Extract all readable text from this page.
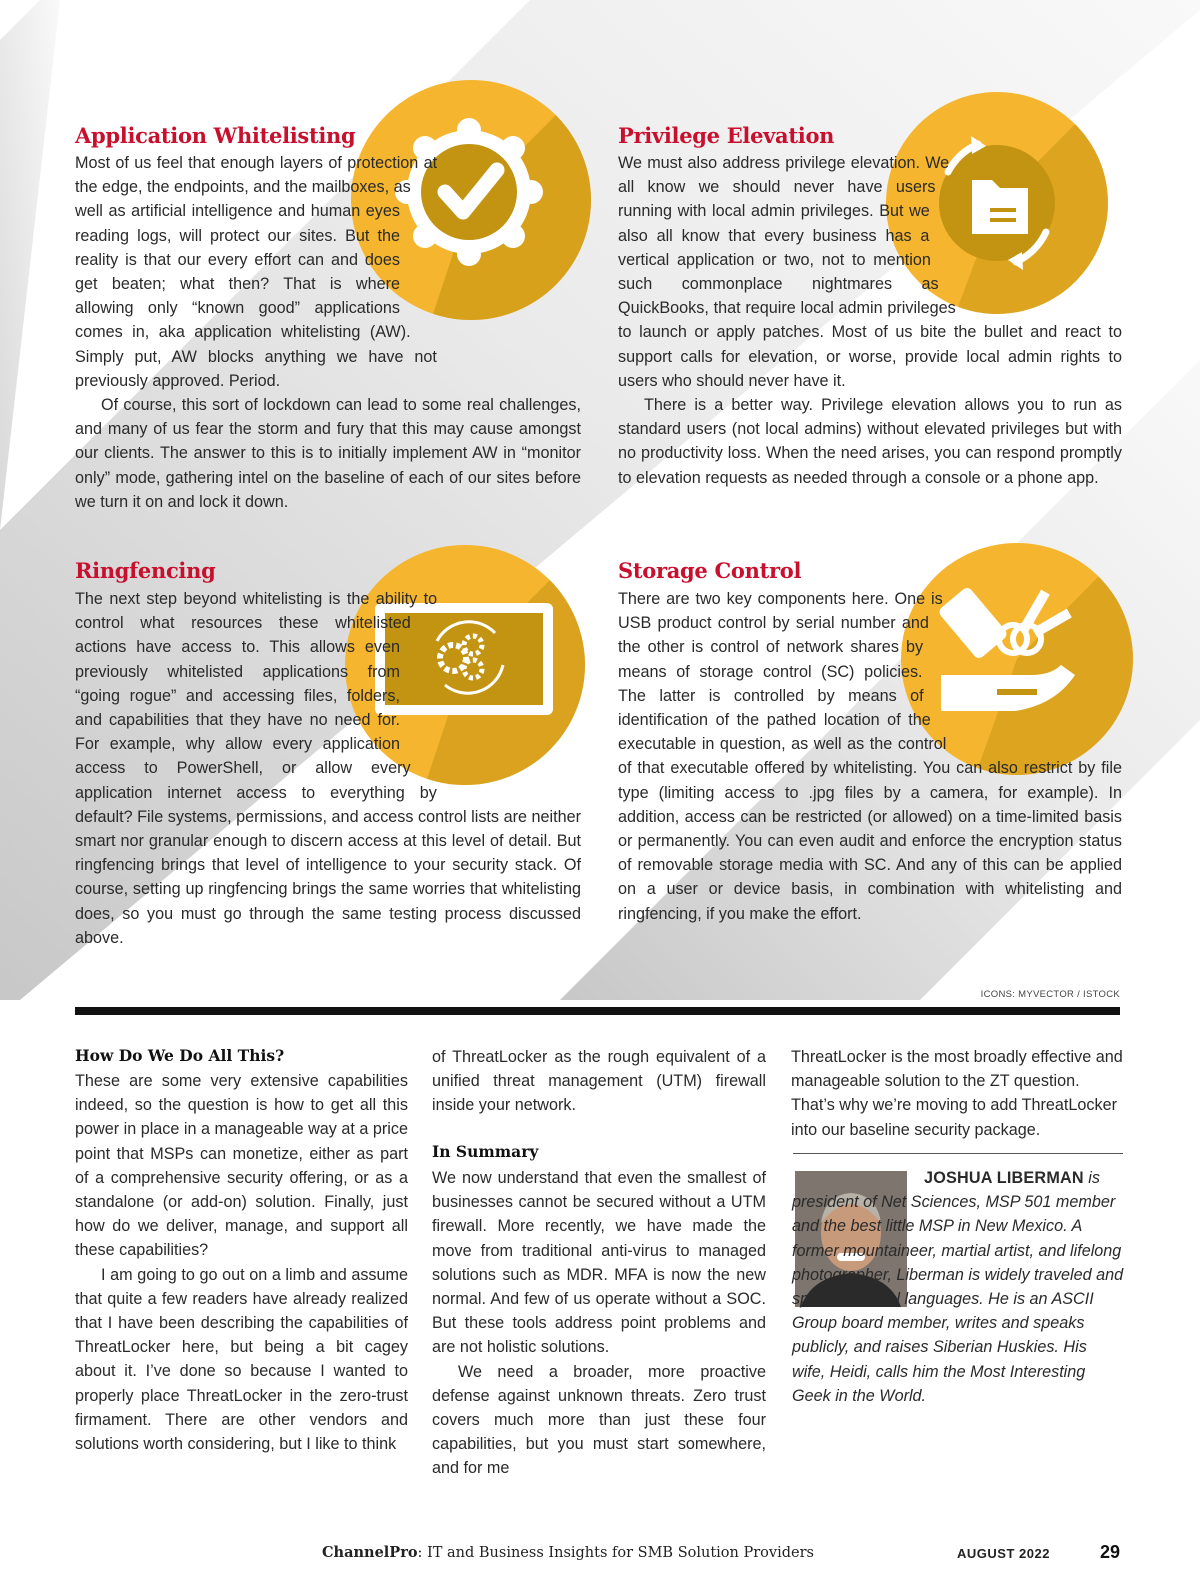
Application Whitelisting

Most of us feel that enough layers of protection at the edge, the endpoints, and the mailboxes, as well as artificial intelligence and human eyes reading logs, will protect our sites. But the reality is that our every effort can and does get beaten; what then? That is where allowing only “known good” applications comes in, aka application whitelisting (AW). Simply put, AW blocks anything we have not previously approved. Period.

Of course, this sort of lockdown can lead to some real challenges, and many of us fear the storm and fury that this may cause amongst our clients. The answer to this is to initially implement AW in “monitor only” mode, gathering intel on the baseline of each of our sites before we turn it on and lock it down.

Privilege Elevation

We must also address privilege elevation. We all know we should never have users running with local admin privileges. But we also all know that every business has a vertical application or two, not to mention such commonplace nightmares as QuickBooks, that require local admin privileges to launch or apply patches. Most of us bite the bullet and react to support calls for elevation, or worse, provide local admin rights to users who should never have it.

There is a better way. Privilege elevation allows you to run as standard users (not local admins) without elevated privileges but with no productivity loss. When the need arises, you can respond promptly to elevation requests as needed through a console or a phone app.

Ringfencing

The next step beyond whitelisting is the ability to control what resources these whitelisted actions have access to. This allows even previously whitelisted applications from “going rogue” and accessing files, folders, and capabilities that they have no need for. For example, why allow every application access to PowerShell, or allow every application internet access to everything by default? File systems, permissions, and access control lists are neither smart nor granular enough to discern access at this level of detail. But ringfencing brings that level of intelligence to your security stack. Of course, setting up ringfencing brings the same worries that whitelisting does, so you must go through the same testing process discussed above.

Storage Control

There are two key components here. One is USB product control by serial number and the other is control of network shares by means of storage control (SC) policies. The latter is controlled by means of identification of the pathed location of the executable in question, as well as the control of that executable offered by whitelisting. You can also restrict by file type (limiting access to .jpg files by a camera, for example). In addition, access can be restricted (or allowed) on a time-limited basis or permanently. You can even audit and enforce the encryption status of removable storage media with SC. And any of this can be applied on a user or device basis, in combination with whitelisting and ringfencing, if you make the effort.

ICONS: MYVECTOR / ISTOCK
How Do We Do All This?

These are some very extensive capabilities indeed, so the question is how to get all this power in place in a manageable way at a price point that MSPs can monetize, either as part of a comprehensive security offering, or as a standalone (or add-on) solution. Finally, just how do we deliver, manage, and support all these capabilities?

I am going to go out on a limb and assume that quite a few readers have already realized that I have been describing the capabilities of ThreatLocker here, but being a bit cagey about it. I’ve done so because I wanted to properly place ThreatLocker in the zero-trust firmament. There are other vendors and solutions worth considering, but I like to think

of ThreatLocker as the rough equivalent of a unified threat management (UTM) firewall inside your network.

In Summary

We now understand that even the smallest of businesses cannot be secured without a UTM firewall. More recently, we have made the move from traditional anti-virus to managed solutions such as MDR. MFA is now the new normal. And few of us operate without a SOC. But these tools address point problems and are not holistic solutions.

We need a broader, more proactive defense against unknown threats. Zero trust covers much more than just these four capabilities, but you must start somewhere, and for me

ThreatLocker is the most broadly effective and manageable solution to the ZT question. That’s why we’re moving to add ThreatLocker into our baseline security package.

JOSHUA LIBERMAN is president of Net Sciences, MSP 501 member and the best little MSP in New Mexico. A former mountaineer, martial artist, and lifelong photographer, Liberman is widely traveled and speaks several languages. He is an ASCII Group board member, writes and speaks publicly, and raises Siberian Huskies. His wife, Heidi, calls him the Most Interesting Geek in the World.

ChannelPro: IT and Business Insights for SMB Solution Providers	AUGUST 2022	29
